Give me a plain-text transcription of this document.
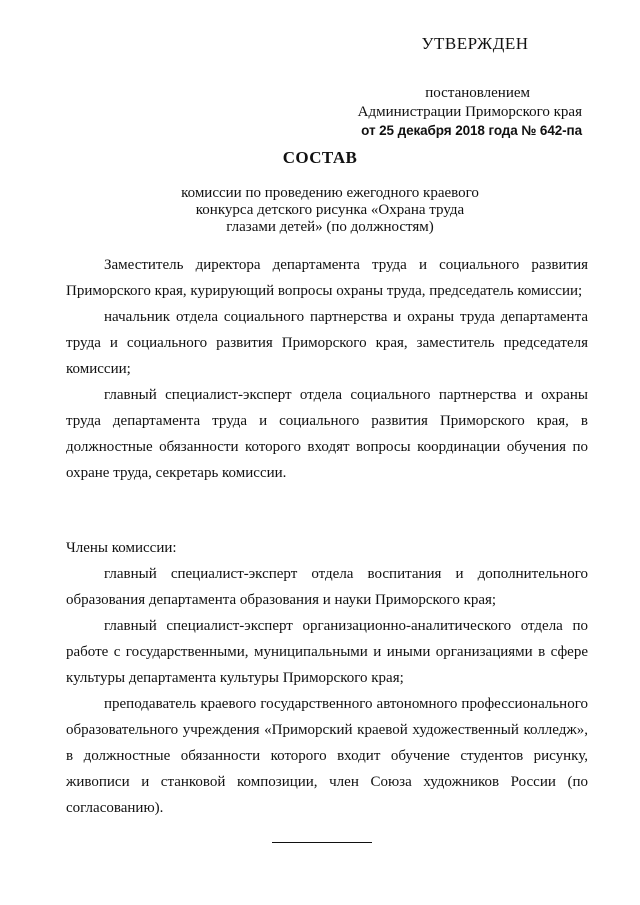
УТВЕРЖДЕН
постановлением
Администрации Приморского края
от 25 декабря 2018 года № 642-па
СОСТАВ
комиссии по проведению ежегодного краевого
конкурса детского рисунка «Охрана труда
глазами детей» (по должностям)

Заместитель директора департамента труда и социального развития Приморского края, курирующий вопросы охраны труда, председатель комиссии;

начальник отдела социального партнерства и охраны труда департамента труда и социального развития Приморского края, заместитель председателя комиссии;

главный специалист-эксперт отдела социального партнерства и охраны труда департамента труда и социального развития Приморского края, в должностные обязанности которого входят вопросы координации обучения по охране труда, секретарь комиссии.

Члены комиссии:

главный специалист-эксперт отдела воспитания и дополнительного образования департамента образования и науки Приморского края;

главный специалист-эксперт организационно-аналитического отдела по работе с государственными, муниципальными и иными организациями в сфере культуры департамента культуры Приморского края;

преподаватель краевого государственного автономного профессионального образовательного учреждения «Приморский краевой художественный колледж», в должностные обязанности которого входит обучение студентов рисунку, живописи и станковой композиции, член Союза художников России (по согласованию).
